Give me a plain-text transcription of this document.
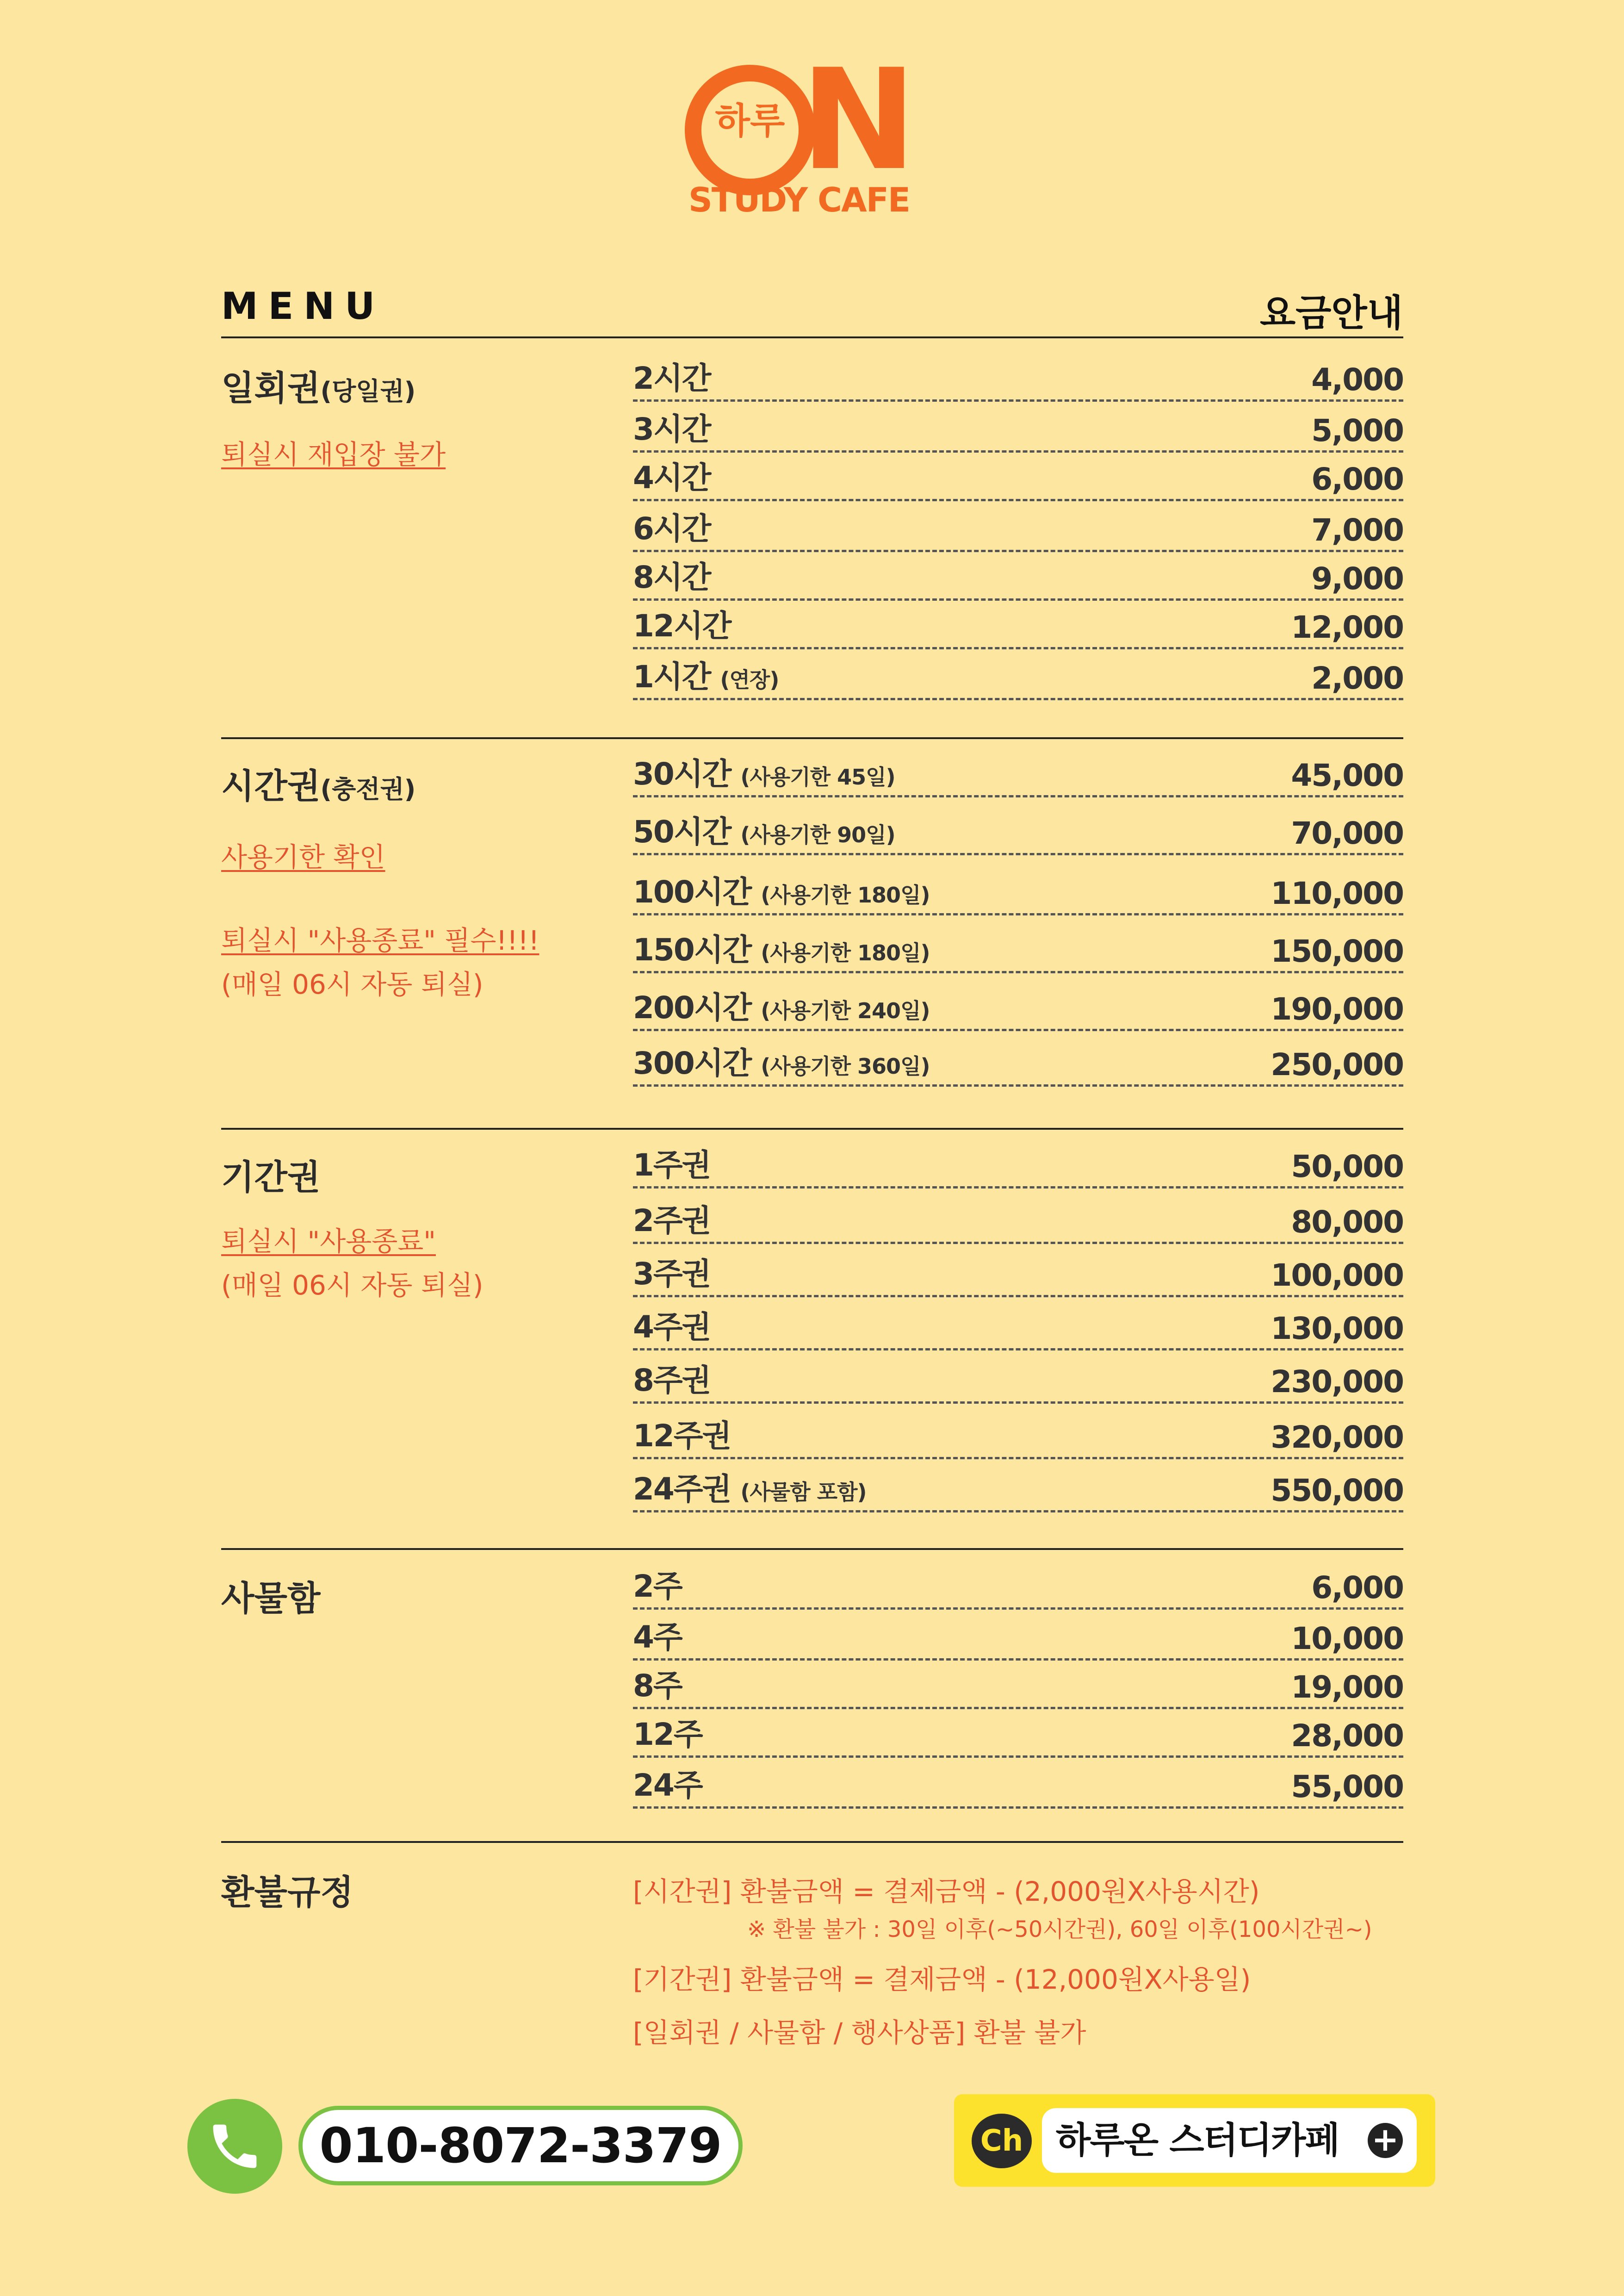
하루 N
STUDY CAFE
MENU	요금안내
일회권(당일권)
퇴실시 재입장 불가
2시간	4,000
3시간	5,000
4시간	6,000
6시간	7,000
8시간	9,000
12시간	12,000
1시간 (연장)	2,000
시간권(충전권)
사용기한 확인
퇴실시 "사용종료" 필수!!!!
(매일 06시 자동 퇴실)
30시간 (사용기한 45일)	45,000
50시간 (사용기한 90일)	70,000
100시간 (사용기한 180일)	110,000
150시간 (사용기한 180일)	150,000
200시간 (사용기한 240일)	190,000
300시간 (사용기한 360일)	250,000
기간권
퇴실시 "사용종료"
(매일 06시 자동 퇴실)
1주권	50,000
2주권	80,000
3주권	100,000
4주권	130,000
8주권	230,000
12주권	320,000
24주권 (사물함 포함)	550,000
사물함	2주	6,000
4주	10,000
8주	19,000
12주	28,000
24주	55,000
환불규정	[시간권] 환불금액 = 결제금액 - (2,000원X사용시간)
※ 환불 불가 : 30일 이후(~50시간권), 60일 이후(100시간권~)
[기간권] 환불금액 = 결제금액 - (12,000원X사용일)
[일회권 / 사물함 / 행사상품] 환불 불가
010-8072-3379	Ch 하루온 스터디카페 +
